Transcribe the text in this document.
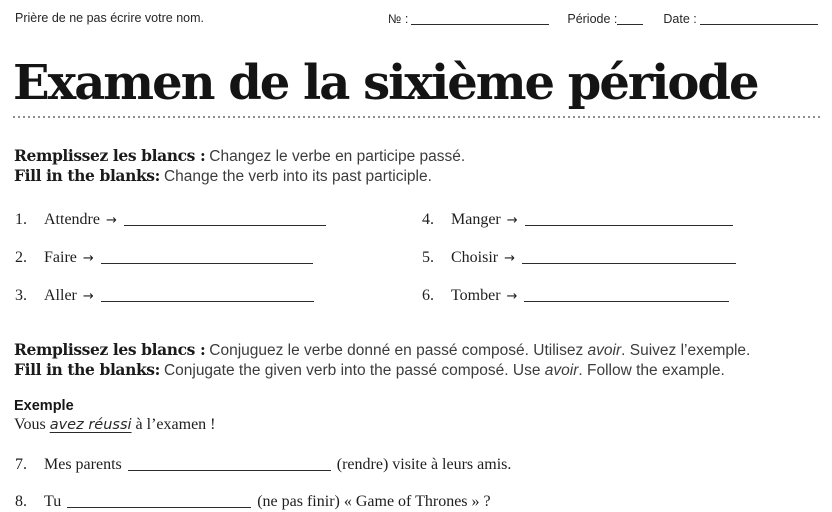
Prière de ne pas écrire votre nom.	№ :	Période :	Date :
Examen de la sixième période
Remplissez les blancs : Changez le verbe en participe passé.
Fill in the blanks: Change the verb into its past participle.
1.	Attendre →
2.	Faire →
3.	Aller →
4.	Manger →
5.	Choisir →
6.	Tomber →
Remplissez les blancs : Conjuguez le verbe donné en passé composé. Utilisez avoir. Suivez l’exemple.
Fill in the blanks: Conjugate the given verb into the passé composé. Use avoir. Follow the example.
Exemple
Vous avez réussi à l’examen !
7.	Mes parents	(rendre) visite à leurs amis.
8.	Tu	(ne pas finir) « Game of Thrones » ?
